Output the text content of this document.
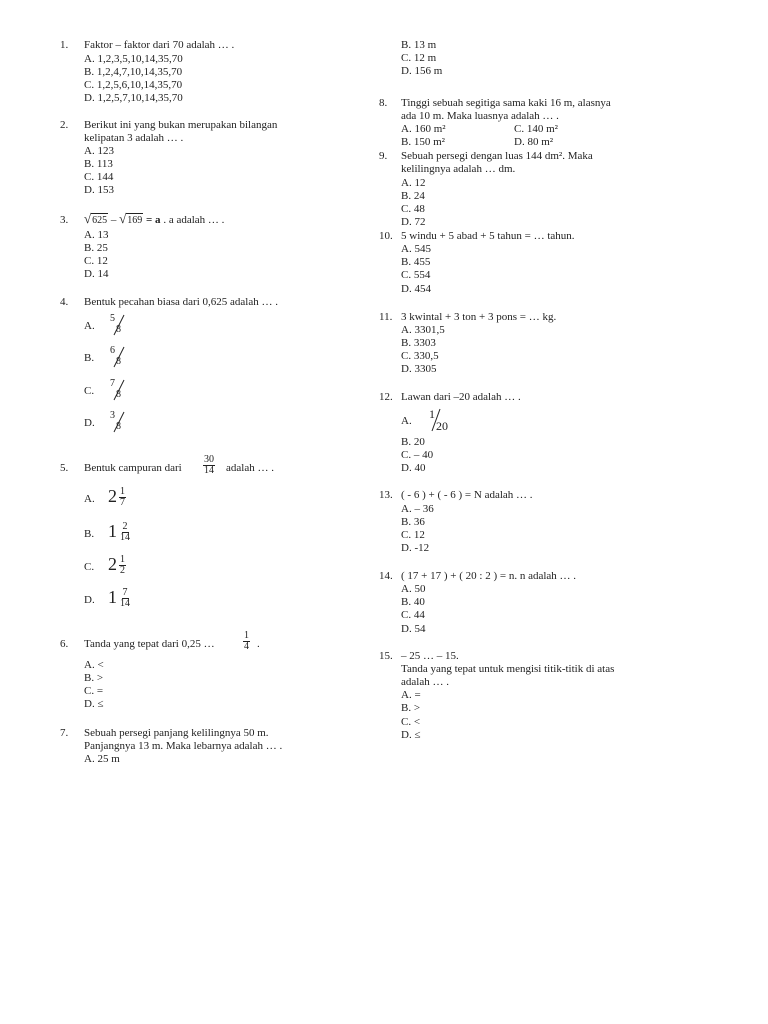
1. Faktor – faktor dari 70 adalah … .
A. 1,2,3,5,10,14,35,70
B. 1,2,4,7,10,14,35,70
C. 1,2,5,6,10,14,35,70
D. 1,2,5,7,10,14,35,70
2. Berikut ini yang bukan merupakan bilangan
kelipatan 3 adalah … .
A. 123
B. 113
C. 144
D. 153
3. √625 – √169 = a . a adalah … .
A. 13
B. 25
C. 12
D. 14
4. Bentuk pecahan biasa dari 0,625 adalah … .
A.
5
8
B.
6
8
C.
7
8
D.
3
8
5. Bentuk campuran dari $\frac{30}{14}$ adalah … .
A. $2 \frac{1}{7}$
B. $1 \frac{2}{14}$
C. $2 \frac{1}{2}$
D. $1 \frac{7}{14}$
6. Tanda yang tepat dari 0,25 …	$\frac{1}{4}$ .
A. <
B. >
C. =
D. ≤
7. Sebuah persegi panjang kelilingnya 50 m.
Panjangnya 13 m. Maka lebarnya adalah … .
A. 25 m
B. 13 m
C. 12 m
D. 156 m
8. Tinggi sebuah segitiga sama kaki 16 m, alasnya
ada 10 m. Maka luasnya adalah … .
A. 160 m²	C. 140 m²
B. 150 m²	D. 80 m²
9. Sebuah persegi dengan luas 144 dm². Maka
kelilingnya adalah … dm.
A. 12
B. 24
C. 48
D. 72
10. 5 windu + 5 abad + 5 tahun = … tahun.
A. 545
B. 455
C. 554
D. 454
11. 3 kwintal + 3 ton + 3 pons = … kg.
A. 3301,5
B. 3303
C. 330,5
D. 3305
12. Lawan dari –20 adalah … .
A. 1
20
B. 20
C. – 40
D. 40
13. ( - 6 ) + ( - 6 ) = N adalah … .
A. – 36
B. 36
C. 12
D. -12
14. ( 17 + 17 ) + ( 20 : 2 ) = n. n adalah … .
A. 50
B. 40
C. 44
D. 54
15. – 25 … – 15.
Tanda yang tepat untuk mengisi titik-titik di atas
adalah … .
A. =
B. >
C. <
D. ≤
